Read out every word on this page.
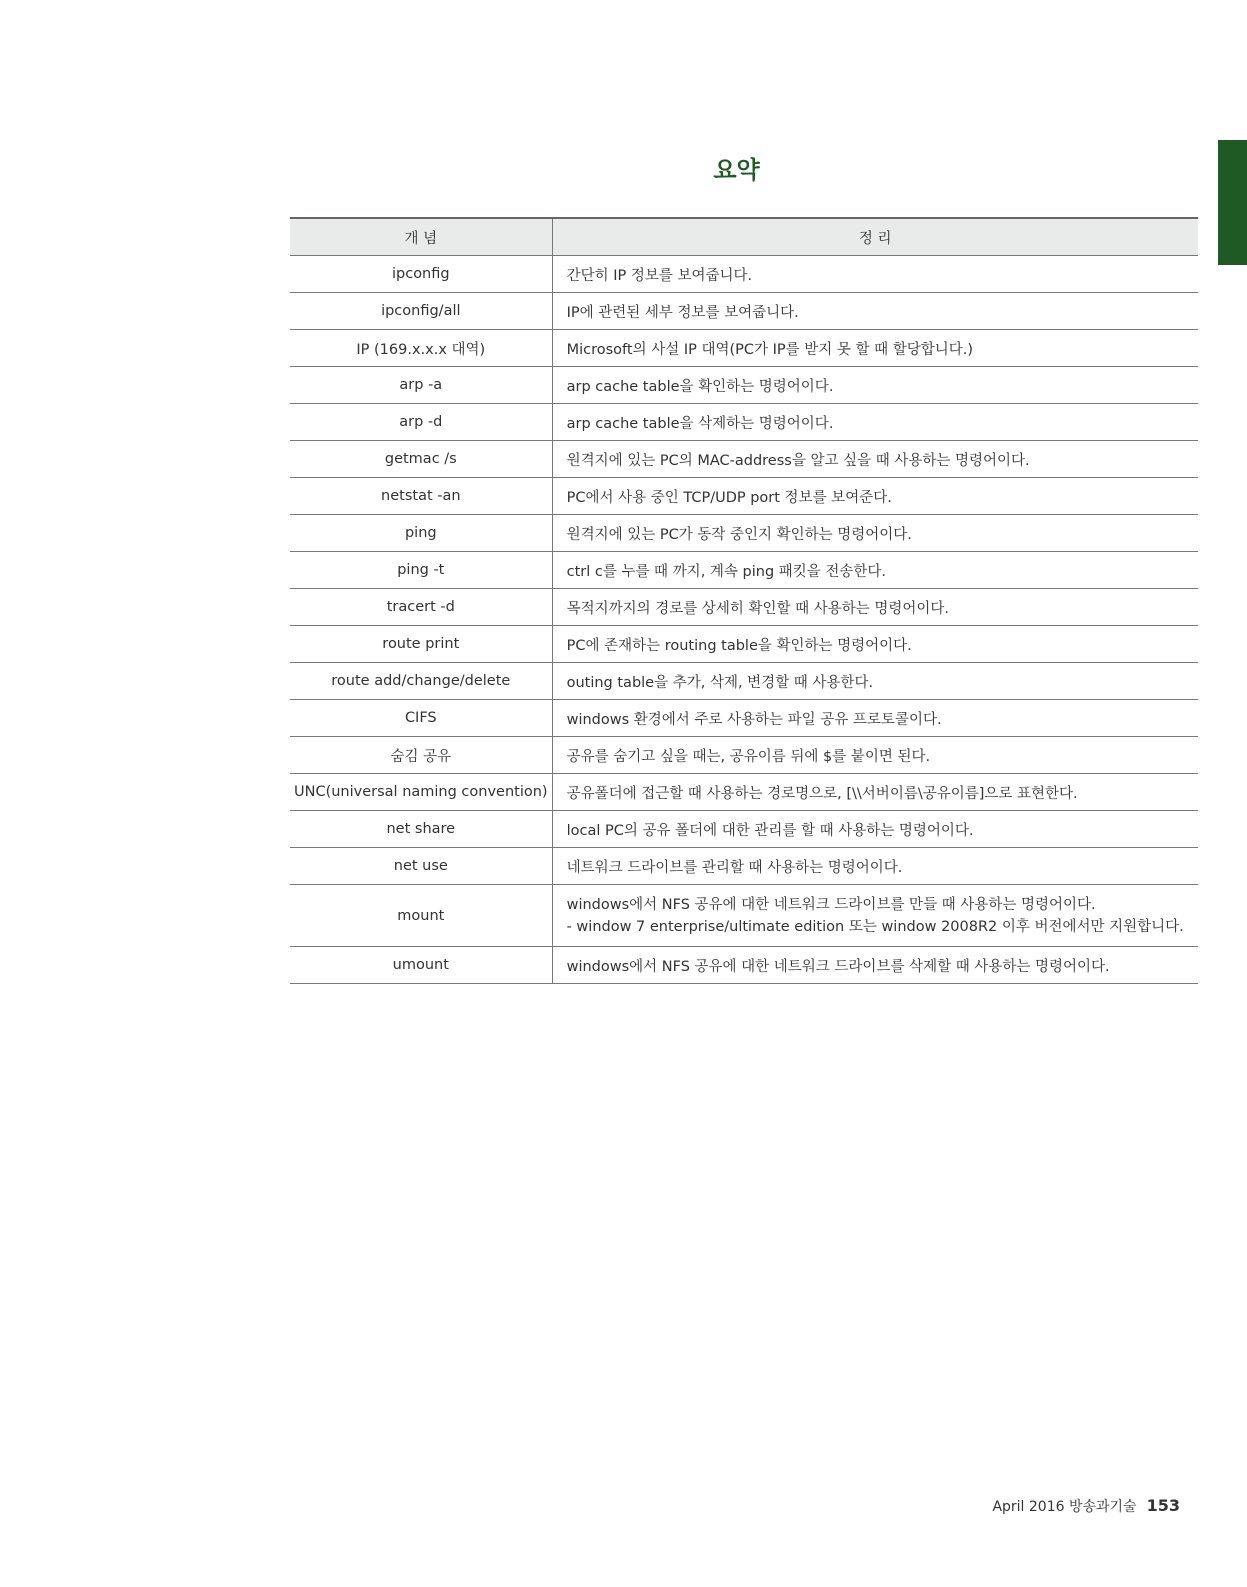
요약
개 념	정 리
ipconfig	간단히 IP 정보를 보여줍니다.
ipconfig/all	IP에 관련된 세부 정보를 보여줍니다.
IP (169.x.x.x 대역)	Microsoft의 사설 IP 대역(PC가 IP를 받지 못 할 때 할당합니다.)
arp -a	arp cache table을 확인하는 명령어이다.
arp -d	arp cache table을 삭제하는 명령어이다.
getmac /s	원격지에 있는 PC의 MAC-address을 알고 싶을 때 사용하는 명령어이다.
netstat -an	PC에서 사용 중인 TCP/UDP port 정보를 보여준다.
ping	원격지에 있는 PC가 동작 중인지 확인하는 명령어이다.
ping -t	ctrl c를 누를 때 까지, 계속 ping 패킷을 전송한다.
tracert -d	목적지까지의 경로를 상세히 확인할 때 사용하는 명령어이다.
route print	PC에 존재하는 routing table을 확인하는 명령어이다.
route add/change/delete	outing table을 추가, 삭제, 변경할 때 사용한다.
CIFS	windows 환경에서 주로 사용하는 파일 공유 프로토콜이다.
숨김 공유	공유를 숨기고 싶을 때는, 공유이름 뒤에 $를 붙이면 된다.
UNC(universal naming convention)	공유폴더에 접근할 때 사용하는 경로명으로, [\\서버이름\공유이름]으로 표현한다.
net share	local PC의 공유 폴더에 대한 관리를 할 때 사용하는 명령어이다.
net use	네트워크 드라이브를 관리할 때 사용하는 명령어이다.
mount	windows에서 NFS 공유에 대한 네트워크 드라이브를 만들 때 사용하는 명령어이다.
- window 7 enterprise/ultimate edition 또는 window 2008R2 이후 버전에서만 지원합니다.

umount	windows에서 NFS 공유에 대한 네트워크 드라이브를 삭제할 때 사용하는 명령어이다.
April 2016 방송과기술 153
